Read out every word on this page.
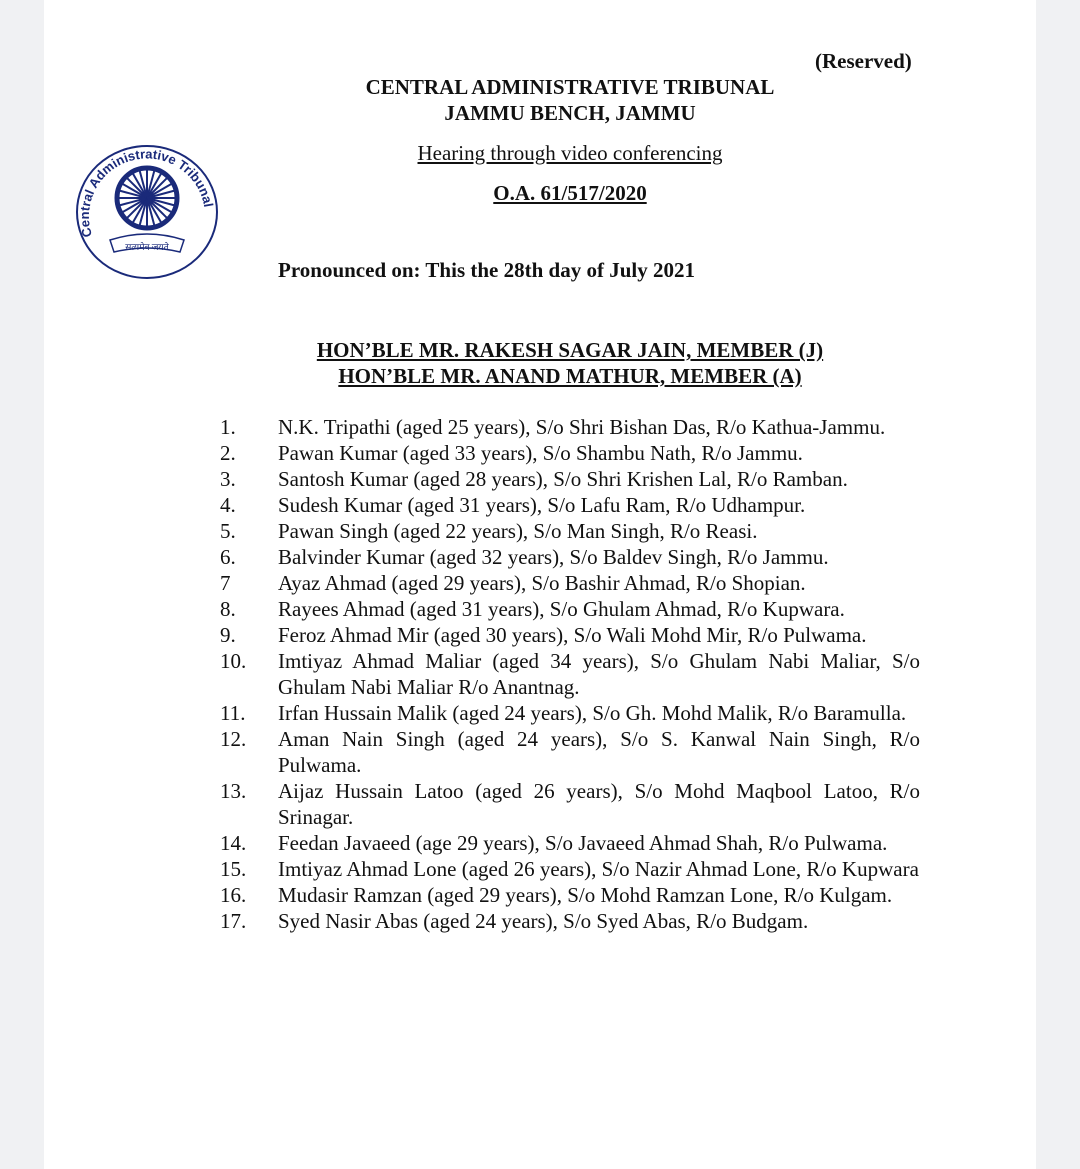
(Reserved)
CENTRAL ADMINISTRATIVE TRIBUNAL
JAMMU BENCH, JAMMU
Hearing through video conferencing
O.A. 61/517/2020
Central Administrative Tribunal
सत्यमेव जयते
Pronounced on: This the 28th day of July 2021
HON’BLE MR. RAKESH SAGAR JAIN, MEMBER (J)
HON’BLE MR. ANAND MATHUR, MEMBER (A)
1.	N.K. Tripathi (aged 25 years), S/o Shri Bishan Das, R/o Kathua-Jammu.
2.	Pawan Kumar (aged 33 years), S/o Shambu Nath, R/o Jammu.
3.	Santosh Kumar (aged 28 years), S/o Shri Krishen Lal, R/o Ramban.
4.	Sudesh Kumar (aged 31 years), S/o Lafu Ram, R/o Udhampur.
5.	Pawan Singh (aged 22 years), S/o Man Singh, R/o Reasi.
6.	Balvinder Kumar (aged 32 years), S/o Baldev Singh, R/o Jammu.
7	Ayaz Ahmad (aged 29 years), S/o Bashir Ahmad, R/o Shopian.
8.	Rayees Ahmad (aged 31 years), S/o Ghulam Ahmad, R/o Kupwara.
9.	Feroz Ahmad Mir (aged 30 years), S/o Wali Mohd Mir, R/o Pulwama.
10.	Imtiyaz Ahmad Maliar (aged 34 years), S/o Ghulam Nabi Maliar, S/o Ghulam Nabi Maliar R/o Anantnag.
11.	Irfan Hussain Malik (aged 24 years), S/o Gh. Mohd Malik, R/o Baramulla.
12.	Aman Nain Singh (aged 24 years), S/o S. Kanwal Nain Singh, R/o Pulwama.
13.	Aijaz Hussain Latoo (aged 26 years), S/o Mohd Maqbool Latoo, R/o Srinagar.
14.	Feedan Javaeed (age 29 years), S/o Javaeed Ahmad Shah, R/o Pulwama.
15.	Imtiyaz Ahmad Lone (aged 26 years), S/o Nazir Ahmad Lone, R/o Kupwara
16.	Mudasir Ramzan (aged 29 years), S/o Mohd Ramzan Lone, R/o Kulgam.
17.	Syed Nasir Abas (aged 24 years), S/o Syed Abas, R/o Budgam.
